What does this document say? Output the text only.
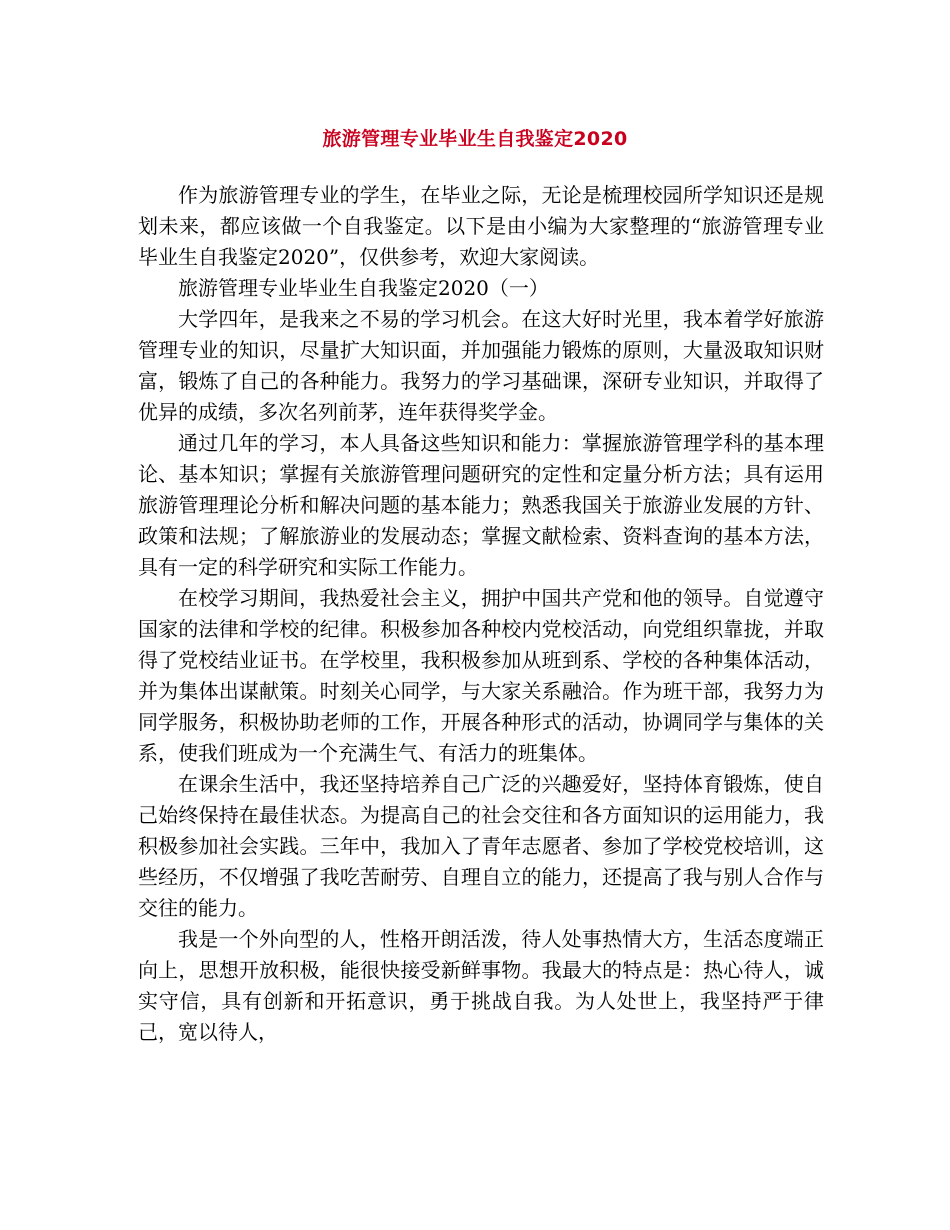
旅游管理专业毕业生自我鉴定2020

作为旅游管理专业的学生，在毕业之际，无论是梳理校园所学知识还是规划未来，都应该做一个自我鉴定。以下是由小编为大家整理的“旅游管理专业毕业生自我鉴定2020”，仅供参考，欢迎大家阅读。

旅游管理专业毕业生自我鉴定2020（一）

大学四年，是我来之不易的学习机会。在这大好时光里，我本着学好旅游管理专业的知识，尽量扩大知识面，并加强能力锻炼的原则，大量汲取知识财富，锻炼了自己的各种能力。我努力的学习基础课，深研专业知识，并取得了优异的成绩，多次名列前茅，连年获得奖学金。

通过几年的学习，本人具备这些知识和能力：掌握旅游管理学科的基本理论、基本知识；掌握有关旅游管理问题研究的定性和定量分析方法；具有运用旅游管理理论分析和解决问题的基本能力；熟悉我国关于旅游业发展的方针、政策和法规；了解旅游业的发展动态；掌握文献检索、资料查询的基本方法，具有一定的科学研究和实际工作能力。

在校学习期间，我热爱社会主义，拥护中国共产党和他的领导。自觉遵守国家的法律和学校的纪律。积极参加各种校内党校活动，向党组织靠拢，并取得了党校结业证书。在学校里，我积极参加从班到系、学校的各种集体活动，并为集体出谋献策。时刻关心同学，与大家关系融洽。作为班干部，我努力为同学服务，积极协助老师的工作，开展各种形式的活动，协调同学与集体的关系，使我们班成为一个充满生气、有活力的班集体。

在课余生活中，我还坚持培养自己广泛的兴趣爱好，坚持体育锻炼，使自己始终保持在最佳状态。为提高自己的社会交往和各方面知识的运用能力，我积极参加社会实践。三年中，我加入了青年志愿者、参加了学校党校培训，这些经历，不仅增强了我吃苦耐劳、自理自立的能力，还提高了我与别人合作与交往的能力。

我是一个外向型的人，性格开朗活泼，待人处事热情大方，生活态度端正向上，思想开放积极，能很快接受新鲜事物。我最大的特点是：热心待人，诚实守信，具有创新和开拓意识，勇于挑战自我。为人处世上，我坚持严于律己，宽以待人，
